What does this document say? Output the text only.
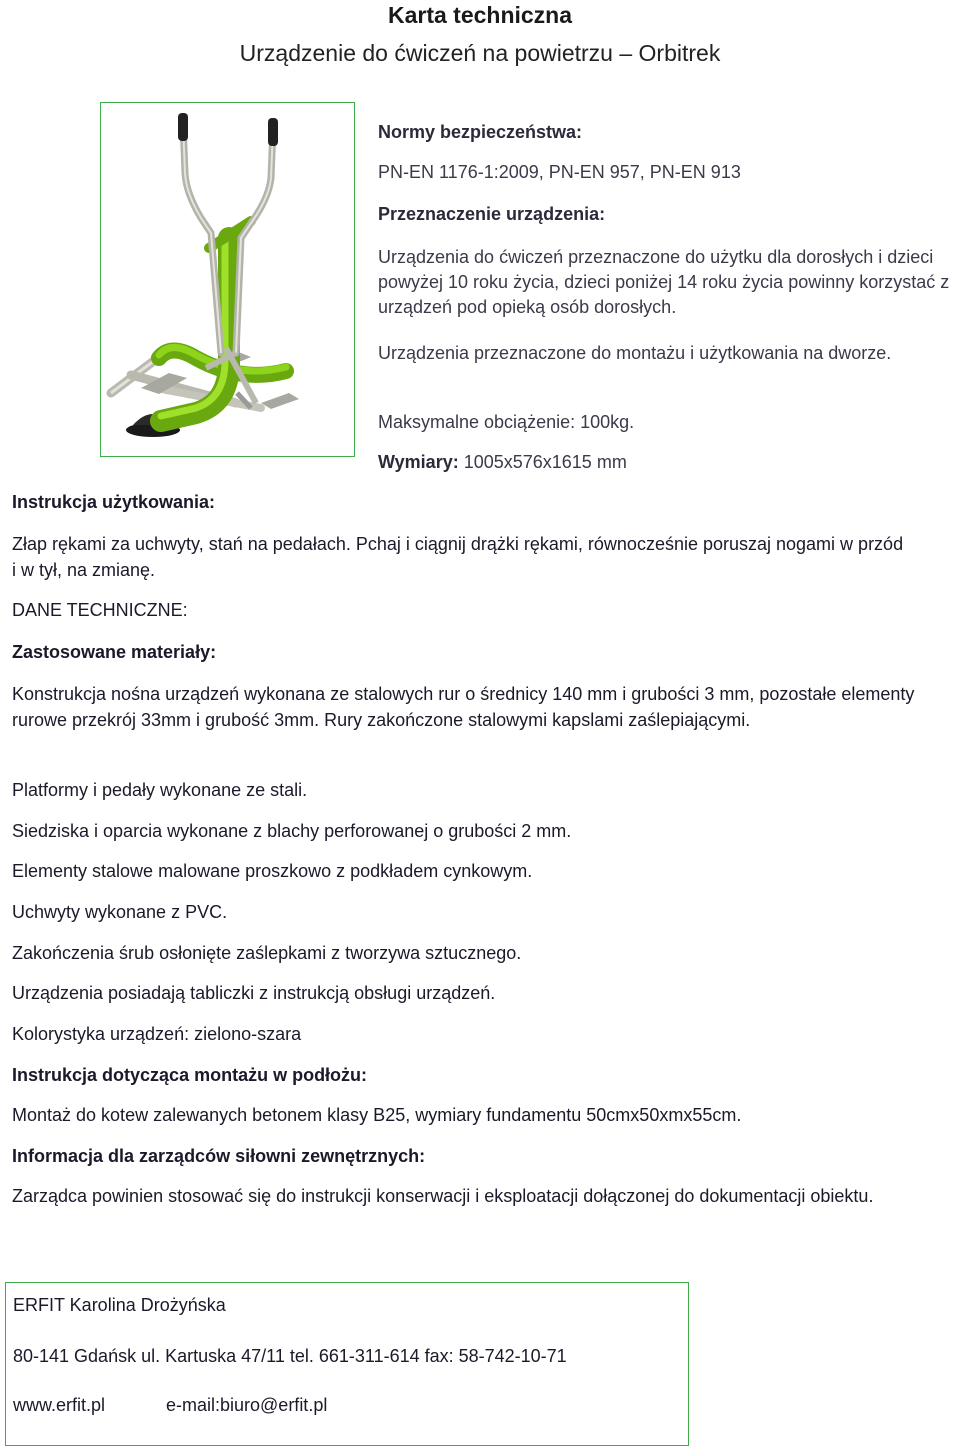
Karta techniczna
Urządzenie do ćwiczeń na powietrzu – Orbitrek
Normy bezpieczeństwa:
PN-EN 1176-1:2009, PN-EN 957, PN-EN 913
Przeznaczenie urządzenia:
Urządzenia do ćwiczeń przeznaczone do użytku dla dorosłych i dzieci powyżej 10 roku życia, dzieci poniżej 14 roku życia powinny korzystać z urządzeń pod opieką osób dorosłych.
Urządzenia przeznaczone do montażu i użytkowania na dworze.
Maksymalne obciążenie: 100kg.
Wymiary: 1005x576x1615 mm
Instrukcja użytkowania:
Złap rękami za uchwyty, stań na pedałach. Pchaj i ciągnij drążki rękami, równocześnie poruszaj nogami w przód i w tył, na zmianę.
DANE TECHNICZNE:
Zastosowane materiały:
Konstrukcja nośna urządzeń wykonana ze stalowych rur o średnicy 140 mm i grubości 3 mm, pozostałe elementy rurowe przekrój 33mm i grubość 3mm. Rury zakończone stalowymi kapslami zaślepiającymi.
Platformy i pedały wykonane ze stali.
Siedziska i oparcia wykonane z blachy perforowanej o grubości 2 mm.
Elementy stalowe malowane proszkowo z podkładem cynkowym.
Uchwyty wykonane z PVC.
Zakończenia śrub osłonięte zaślepkami z tworzywa sztucznego.
Urządzenia posiadają tabliczki z instrukcją obsługi urządzeń.
Kolorystyka urządzeń: zielono-szara
Instrukcja dotycząca montażu w podłożu:
Montaż do kotew zalewanych betonem klasy B25, wymiary fundamentu 50cmx50xmx55cm.
Informacja dla zarządców siłowni zewnętrznych:
Zarządca powinien stosować się do instrukcji konserwacji i eksploatacji dołączonej do dokumentacji obiektu.
ERFIT Karolina Drożyńska
80-141 Gdańsk ul. Kartuska 47/11 tel. 661-311-614 fax: 58-742-10-71
www.erfit.pl	e-mail:biuro@erfit.pl
